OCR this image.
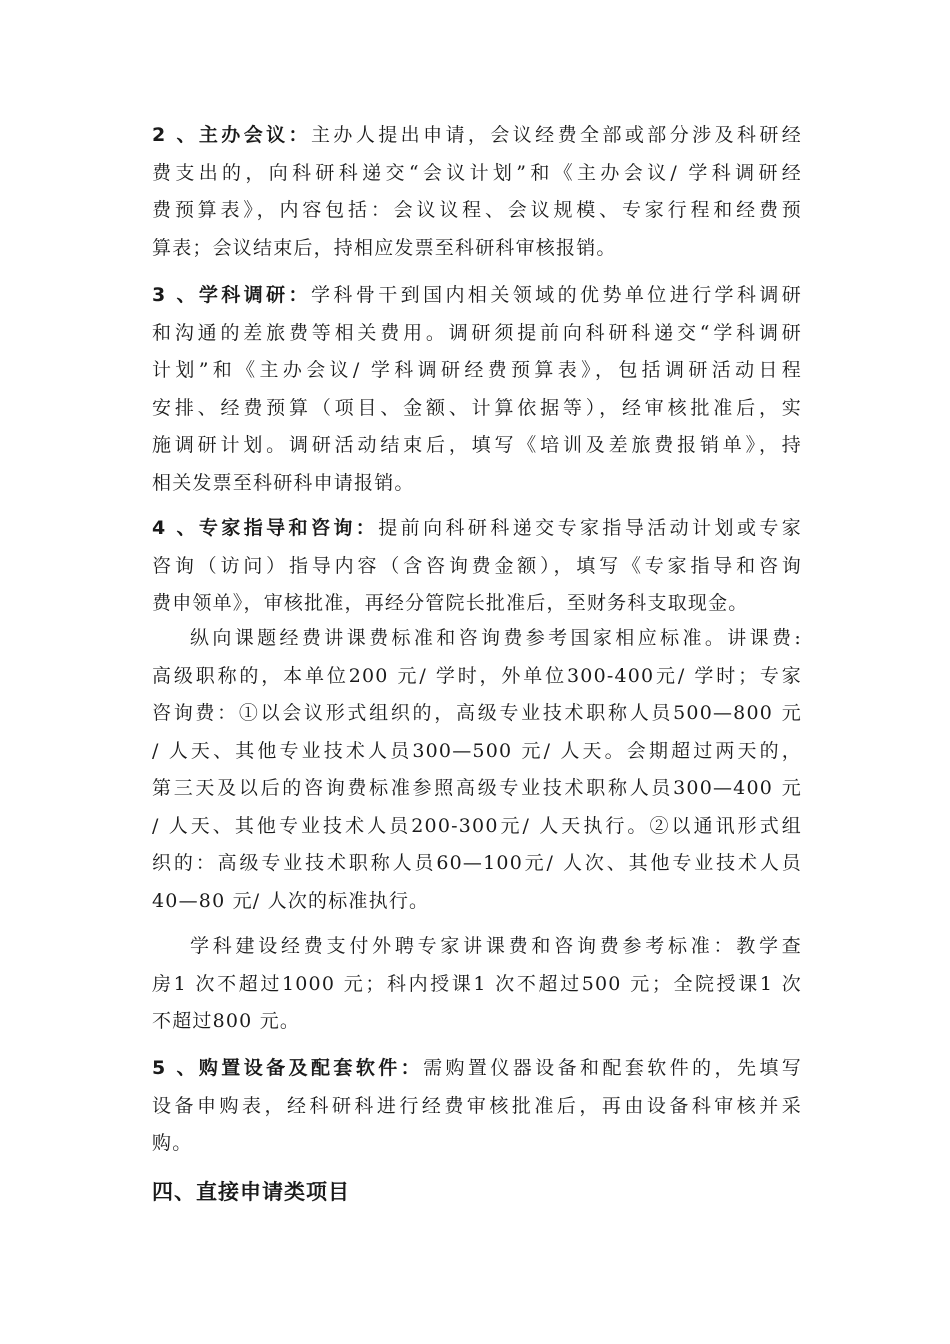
2 、主办会议：主办人提出申请，会议经费全部或部分涉及科研经
费支出的，向科研科递交“会议计划”和《主办会议/ 学科调研经
费预算表》，内容包括：会议议程、会议规模、专家行程和经费预
算表；会议结束后，持相应发票至科研科审核报销。
3 、学科调研：学科骨干到国内相关领域的优势单位进行学科调研
和沟通的差旅费等相关费用。调研须提前向科研科递交“学科调研
计划”和《主办会议/ 学科调研经费预算表》，包括调研活动日程
安排、经费预算（项目、金额、计算依据等），经审核批准后，实
施调研计划。调研活动结束后，填写《培训及差旅费报销单》，持
相关发票至科研科申请报销。
4 、专家指导和咨询：提前向科研科递交专家指导活动计划或专家
咨询（访问）指导内容（含咨询费金额），填写《专家指导和咨询
费申领单》，审核批准，再经分管院长批准后，至财务科支取现金。
纵向课题经费讲课费标准和咨询费参考国家相应标准。讲课费:
高级职称的，本单位200 元/ 学时，外单位300-400元/ 学时；专家
咨询费：①以会议形式组织的，高级专业技术职称人员500—800 元
/ 人天、其他专业技术人员300—500 元/ 人天。会期超过两天的，
第三天及以后的咨询费标准参照高级专业技术职称人员300—400 元
/ 人天、其他专业技术人员200-300元/ 人天执行。②以通讯形式组
织的：高级专业技术职称人员60—100元/ 人次、其他专业技术人员
40—80 元/ 人次的标准执行。
学科建设经费支付外聘专家讲课费和咨询费参考标准：教学查
房1 次不超过1000 元；科内授课1 次不超过500 元；全院授课1 次
不超过800 元。
5 、购置设备及配套软件：需购置仪器设备和配套软件的，先填写
设备申购表，经科研科进行经费审核批准后，再由设备科审核并采
购。
四、直接申请类项目
